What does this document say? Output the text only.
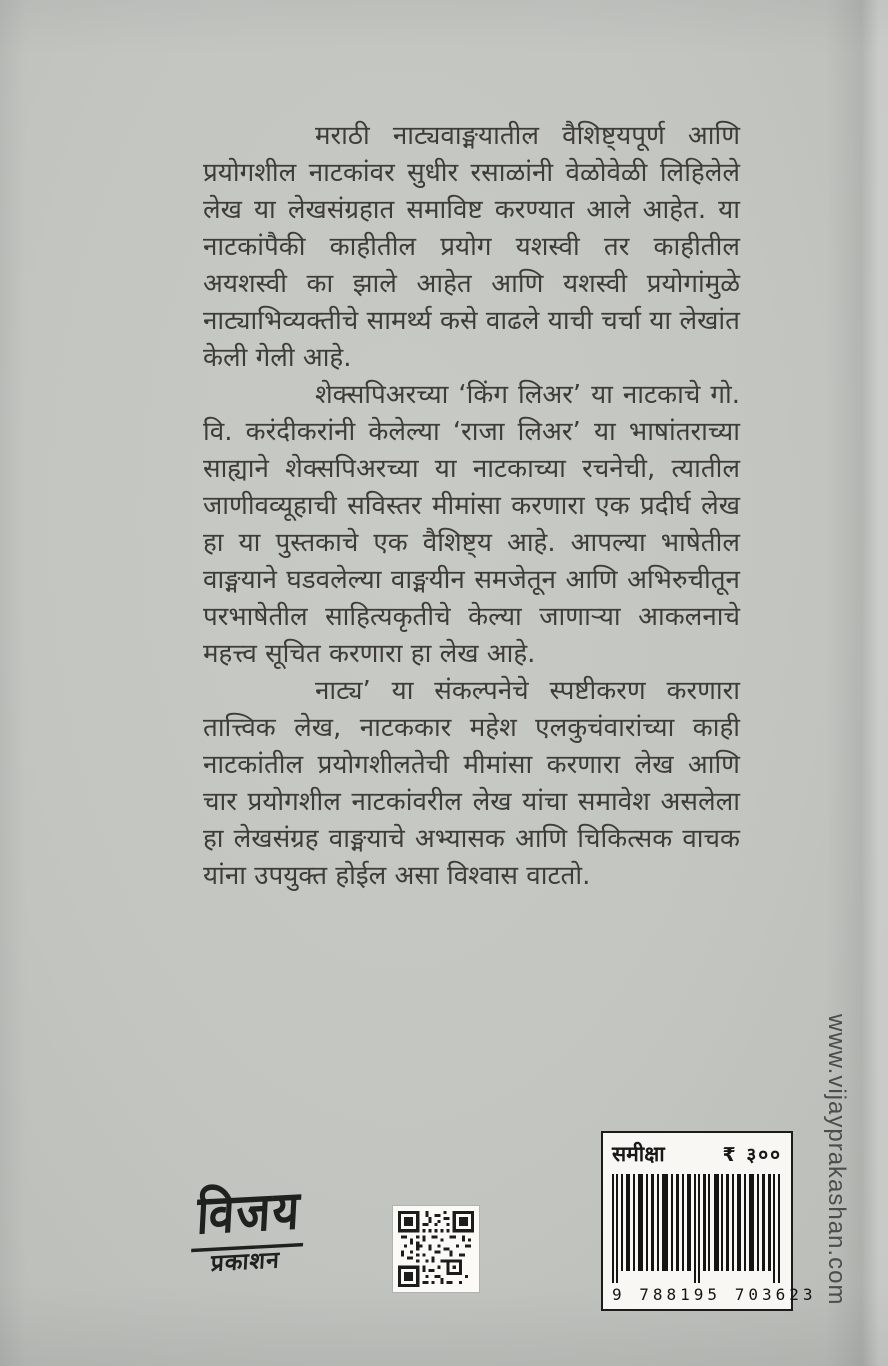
मराठी नाट्यवाङ्मयातील वैशिष्ट्यपूर्ण आणि प्रयोगशील नाटकांवर सुधीर रसाळांनी वेळोवेळी लिहिलेले लेख या लेखसंग्रहात समाविष्ट करण्यात आले आहेत. या नाटकांपैकी काहीतील प्रयोग यशस्वी तर काहीतील अयशस्वी का झाले आहेत आणि यशस्वी प्रयोगांमुळे नाट्याभिव्यक्तीचे सामर्थ्य कसे वाढले याची चर्चा या लेखांत केली गेली आहे.

शेक्सपिअरच्या ‘किंग लिअर’ या नाटकाचे गो. वि. करंदीकरांनी केलेल्या ‘राजा लिअर’ या भाषांतराच्या साह्याने शेक्सपिअरच्या या नाटकाच्या रचनेची, त्यातील जाणीवव्यूहाची सविस्तर मीमांसा करणारा एक प्रदीर्घ लेख हा या पुस्तकाचे एक वैशिष्ट्य आहे. आपल्या भाषेतील वाङ्मयाने घडवलेल्या वाङ्मयीन समजेतून आणि अभिरुचीतून परभाषेतील साहित्यकृतीचे केल्या जाणाऱ्या आकलनाचे महत्त्व सूचित करणारा हा लेख आहे.

नाट्य’ या संकल्पनेचे स्पष्टीकरण करणारा तात्त्विक लेख, नाटककार महेश एलकुचंवारांच्या काही नाटकांतील प्रयोगशीलतेची मीमांसा करणारा लेख आणि चार प्रयोगशील नाटकांवरील लेख यांचा समावेश असलेला हा लेखसंग्रह वाङ्मयाचे अभ्यासक आणि चिकित्सक वाचक यांना उपयुक्त होईल असा विश्वास वाटतो.

विजय
प्रकाशन
समीक्षा	₹ ३००
9 788195 703623 www.vijayprakashan.com
